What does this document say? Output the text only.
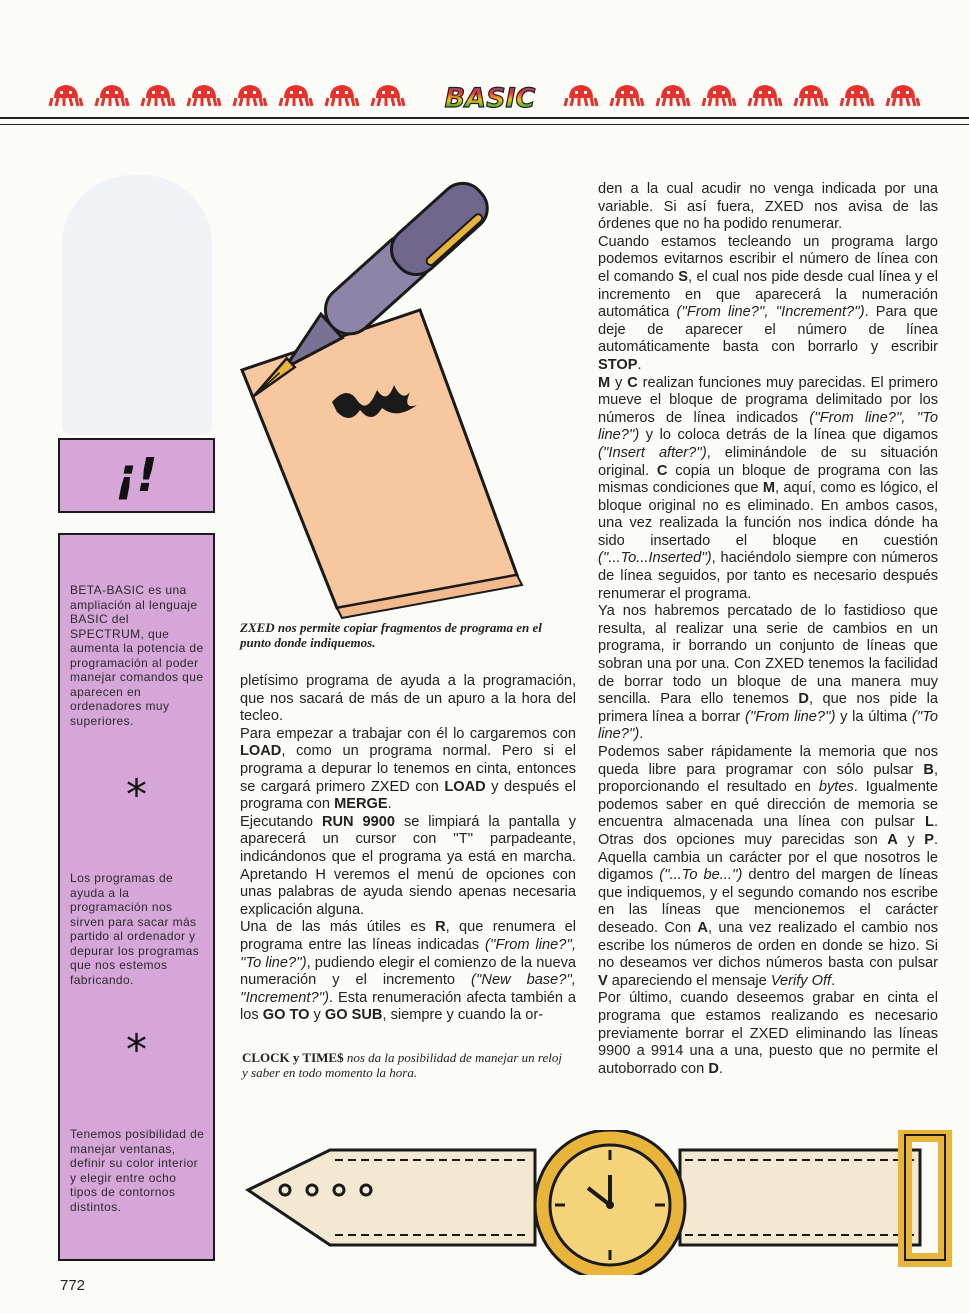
BASIC
¡!
BETA-BASIC es una ampliación al lenguaje BASIC del SPECTRUM, que aumenta la potencia de programación al poder manejar comandos que aparecen en ordenadores muy superiores.
*
Los programas de ayuda a la programación nos sirven para sacar más partido al ordenador y depurar los programas que nos estemos fabricando.
*
Tenemos posibilidad de manejar ventanas, definir su color interior y elegir entre ocho tipos de contornos distintos.
ZXED nos permite copiar fragmentos de programa en el punto donde indiquemos.

pletísimo programa de ayuda a la programación, que nos sacará de más de un apuro a la hora del tecleo.

Para empezar a trabajar con él lo cargaremos con LOAD, como un programa normal. Pero si el programa a depurar lo tenemos en cinta, entonces se cargará primero ZXED con LOAD y después el programa con MERGE.

Ejecutando RUN 9900 se limpiará la pantalla y aparecerá un cursor con ''T'' parpadeante, indicándonos que el programa ya está en marcha. Apretando H veremos el menú de opciones con unas palabras de ayuda siendo apenas necesaria explicación alguna.

Una de las más útiles es R, que renumera el programa entre las líneas indicadas (''From line?'', ''To line?''), pudiendo elegir el comienzo de la nueva numeración y el incremento (''New base?'', ''Increment?''). Esta renumeración afecta también a los GO TO y GO SUB, siempre y cuando la or-

CLOCK y TIME$ nos da la posibilidad de manejar un reloj y saber en todo momento la hora.

den a la cual acudir no venga indicada por una variable. Si así fuera, ZXED nos avisa de las órdenes que no ha podido renumerar.

Cuando estamos tecleando un programa largo podemos evitarnos escribir el número de línea con el comando S, el cual nos pide desde cual línea y el incremento en que aparecerá la numeración automática (''From line?'', ''Increment?''). Para que deje de aparecer el número de línea automáticamente basta con borrarlo y escribir STOP.

M y C realizan funciones muy parecidas. El primero mueve el bloque de programa delimitado por los números de línea indicados (''From line?'', ''To line?'') y lo coloca detrás de la línea que digamos (''Insert after?''), eliminándole de su situación original. C copia un bloque de programa con las mismas condiciones que M, aquí, como es lógico, el bloque original no es eliminado. En ambos casos, una vez realizada la función nos indica dónde ha sido insertado el bloque en cuestión (''...To...Inserted''), haciéndolo siempre con números de línea seguidos, por tanto es necesario después renumerar el programa.

Ya nos habremos percatado de lo fastidioso que resulta, al realizar una serie de cambios en un programa, ir borrando un conjunto de líneas que sobran una por una. Con ZXED tenemos la facilidad de borrar todo un bloque de una manera muy sencilla. Para ello tenemos D, que nos pide la primera línea a borrar (''From line?'') y la última (''To line?'').

Podemos saber rápidamente la memoria que nos queda libre para programar con sólo pulsar B, proporcionando el resultado en bytes. Igualmente podemos saber en qué dirección de memoria se encuentra almacenada una línea con pulsar L. Otras dos opciones muy parecidas son A y P. Aquella cambia un carácter por el que nosotros le digamos (''...To be...'') dentro del margen de líneas que indiquemos, y el segundo comando nos escribe en las líneas que mencionemos el carácter deseado. Con A, una vez realizado el cambio nos escribe los números de orden en donde se hizo. Si no deseamos ver dichos números basta con pulsar V apareciendo el mensaje Verify Off.

Por último, cuando deseemos grabar en cinta el programa que estamos realizando es necesario previamente borrar el ZXED eliminando las líneas 9900 a 9914 una a una, puesto que no permite el autoborrado con D.

772
